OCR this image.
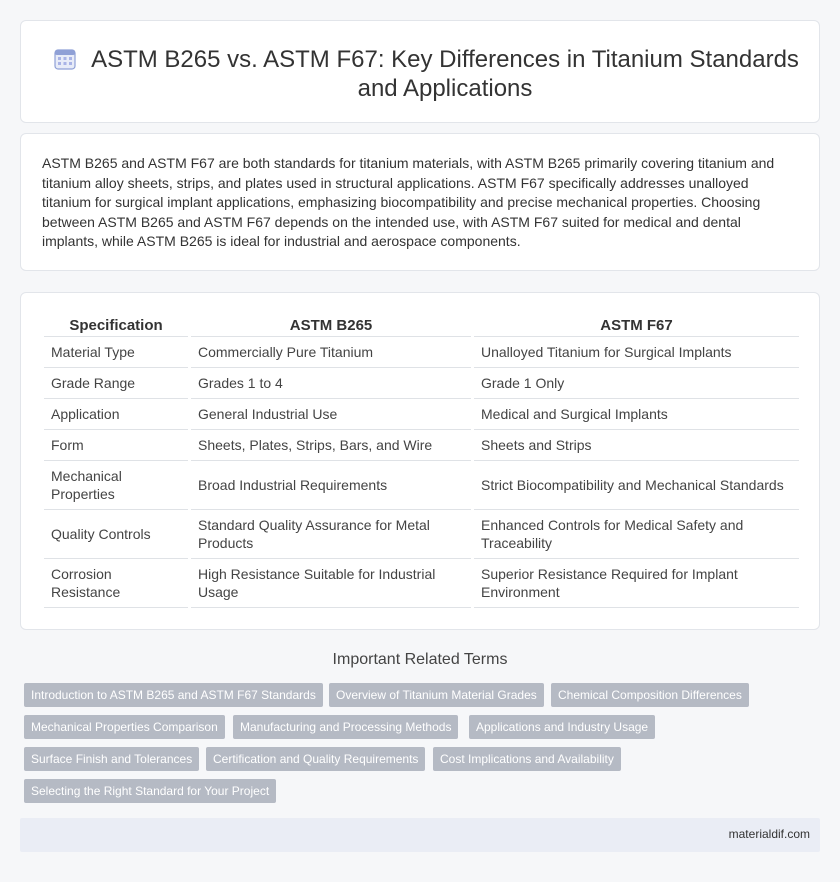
ASTM B265 vs. ASTM F67: Key Differences in Titanium Standards and Applications

ASTM B265 and ASTM F67 are both standards for titanium materials, with ASTM B265 primarily covering titanium and titanium alloy sheets, strips, and plates used in structural applications. ASTM F67 specifically addresses unalloyed titanium for surgical implant applications, emphasizing biocompatibility and precise mechanical properties. Choosing between ASTM B265 and ASTM F67 depends on the intended use, with ASTM F67 suited for medical and dental implants, while ASTM B265 is ideal for industrial and aerospace components.

Specification	ASTM B265	ASTM F67
Material Type	Commercially Pure Titanium	Unalloyed Titanium for Surgical Implants
Grade Range	Grades 1 to 4	Grade 1 Only
Application	General Industrial Use	Medical and Surgical Implants
Form	Sheets, Plates, Strips, Bars, and Wire	Sheets and Strips
Mechanical Properties	Broad Industrial Requirements	Strict Biocompatibility and Mechanical Standards
Quality Controls	Standard Quality Assurance for Metal Products	Enhanced Controls for Medical Safety and Traceability
Corrosion Resistance	High Resistance Suitable for Industrial Usage	Superior Resistance Required for Implant Environment
Important Related Terms
Introduction to ASTM B265 and ASTM F67 Standards	Overview of Titanium Material Grades	Chemical Composition Differences
Mechanical Properties Comparison	Manufacturing and Processing Methods	Applications and Industry Usage
Surface Finish and Tolerances	Certification and Quality Requirements	Cost Implications and Availability
Selecting the Right Standard for Your Project
materialdif.com
